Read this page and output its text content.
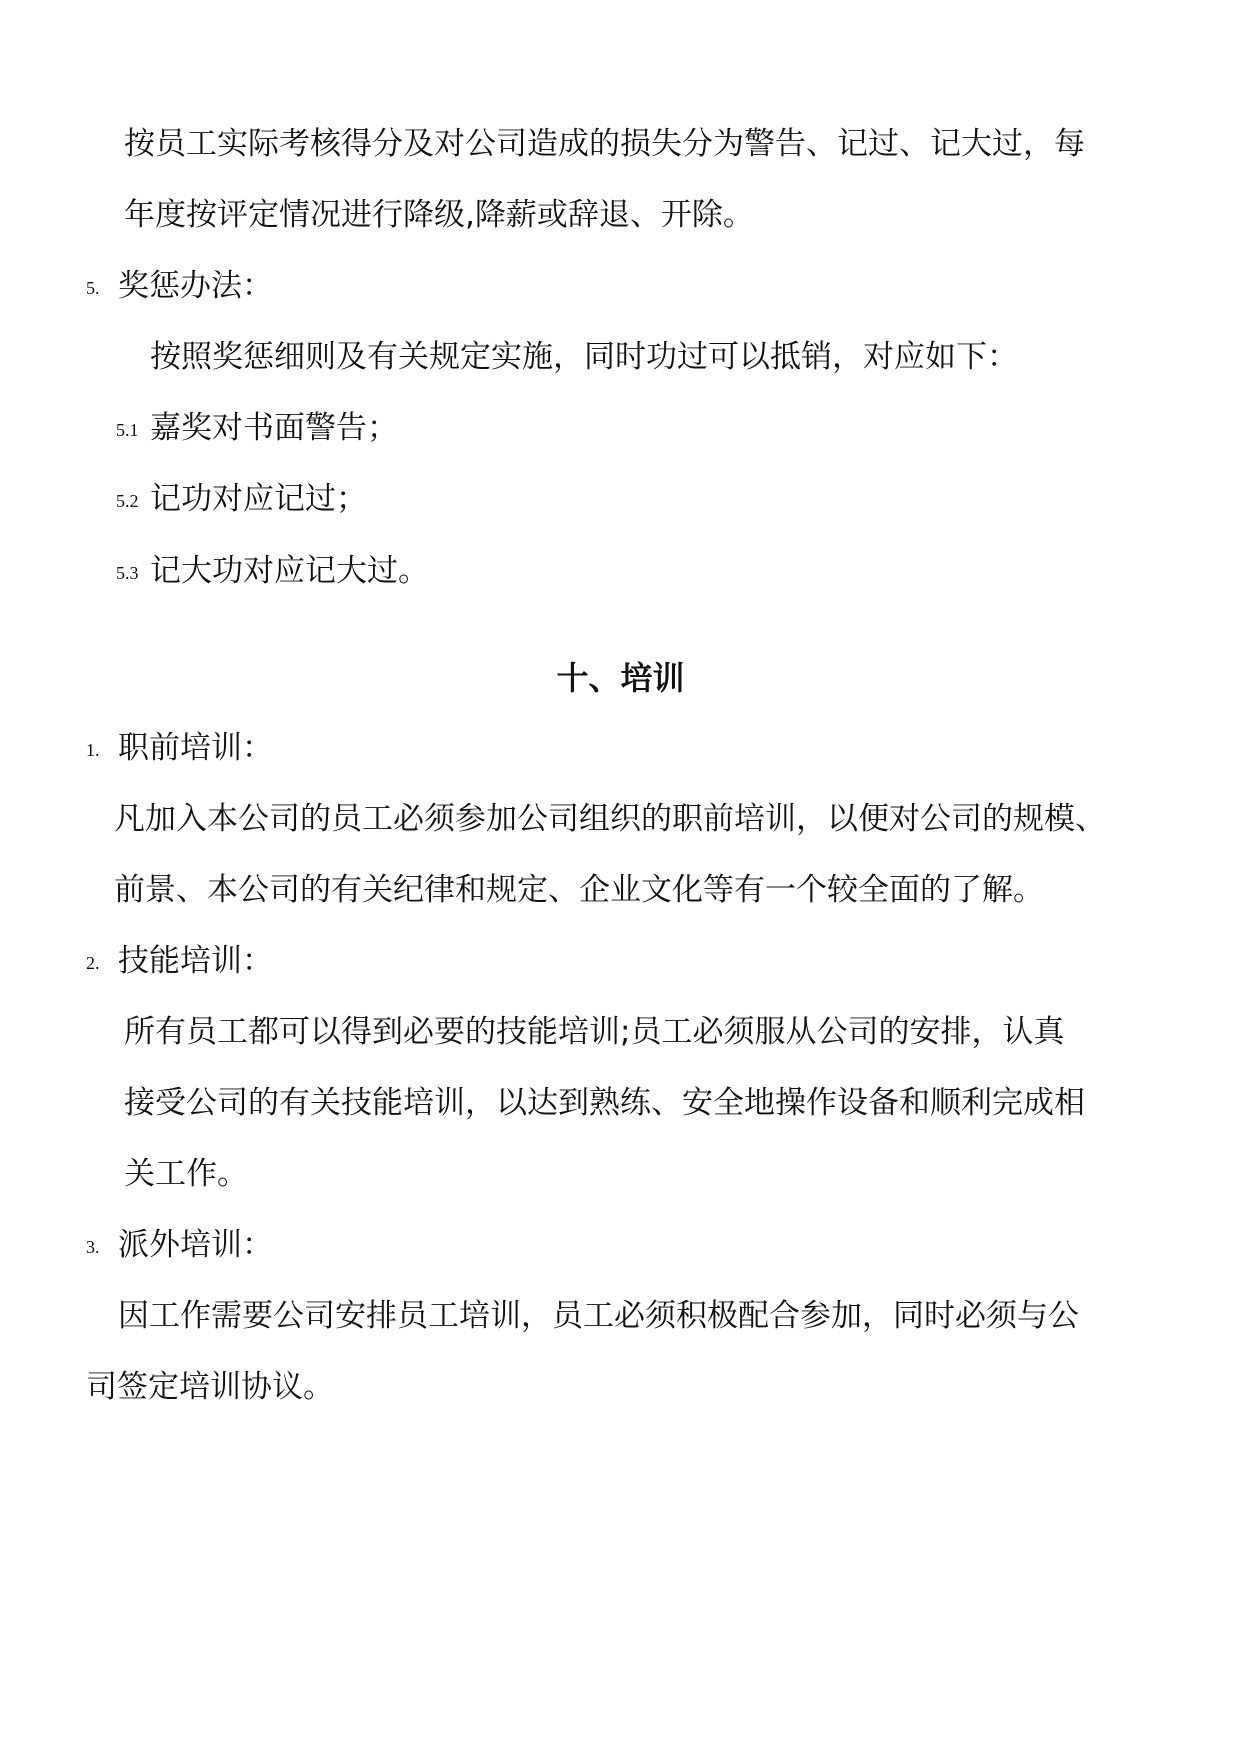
按员工实际考核得分及对公司造成的损失分为警告、记过、记大过，每
年度按评定情况进行降级,降薪或辞退、开除。
5. 奖惩办法：
按照奖惩细则及有关规定实施，同时功过可以抵销，对应如下：
5.1 嘉奖对书面警告；
5.2 记功对应记过；
5.3 记大功对应记大过。
十、培训
1. 职前培训：
凡加入本公司的员工必须参加公司组织的职前培训，以便对公司的规模、
前景、本公司的有关纪律和规定、企业文化等有一个较全面的了解。
2. 技能培训：
所有员工都可以得到必要的技能培训;员工必须服从公司的安排，认真
接受公司的有关技能培训，以达到熟练、安全地操作设备和顺利完成相
关工作。
3. 派外培训：
因工作需要公司安排员工培训，员工必须积极配合参加，同时必须与公
司签定培训协议。
